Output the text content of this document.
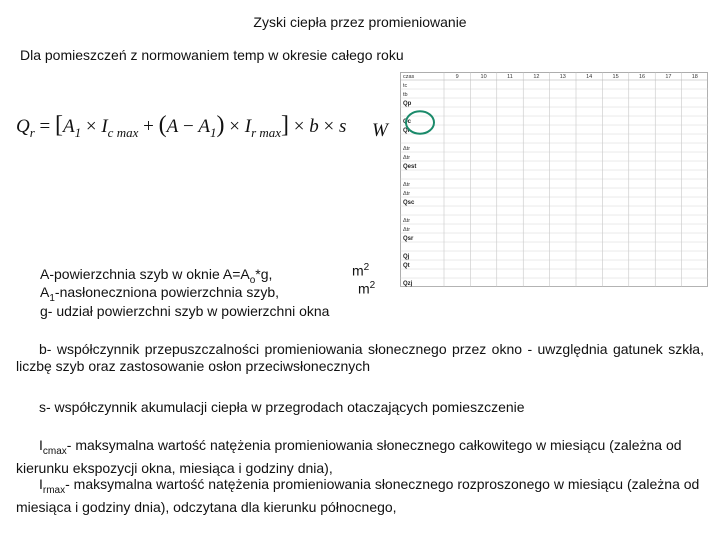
Zyski ciepła przez promieniowanie
Dla pomieszczeń z normowaniem temp w okresie całego roku
$Q_r = [A_1 \times I_{c max} + (A - A_1) \times I_{r max}] \times b \times s$ W
A-powierzchnia szyb w oknie $A=A_o*g$,	$m^2$
$A_1$-nasłoneczniona powierzchnia szyb,	$m^2$
g- udział powierzchni szyb w powierzchni okna
b- współczynnik przepuszczalności promieniowania słonecznego przez okno - uwzględnia gatunek szkła, liczbę szyb oraz zastosowanie osłon przeciwsłonecznych
s- współczynnik akumulacji ciepła w przegrodach otaczających pomieszczenie
$I_{cmax}-$ maksymalna wartość natężenia promieniowania słonecznego całkowitego w miesiącu (zależna od kierunku ekspozycji okna, miesiąca i godziny dnia),
$I_{rmax}-$ maksymalna wartość natężenia promieniowania słonecznego rozproszonego w miesiącu (zależna od miesiąca i godziny dnia), odczytana dla kierunku północnego,
czas	9	10	11	12	13	14	15	16	17	18
tc
tb
Qp
Qc
Qr
Δtr
Δtr
Qest
Δtr
Δtr
Qsc
Δtr
Δtr
Qsr
Qj
Qt
Qzj
